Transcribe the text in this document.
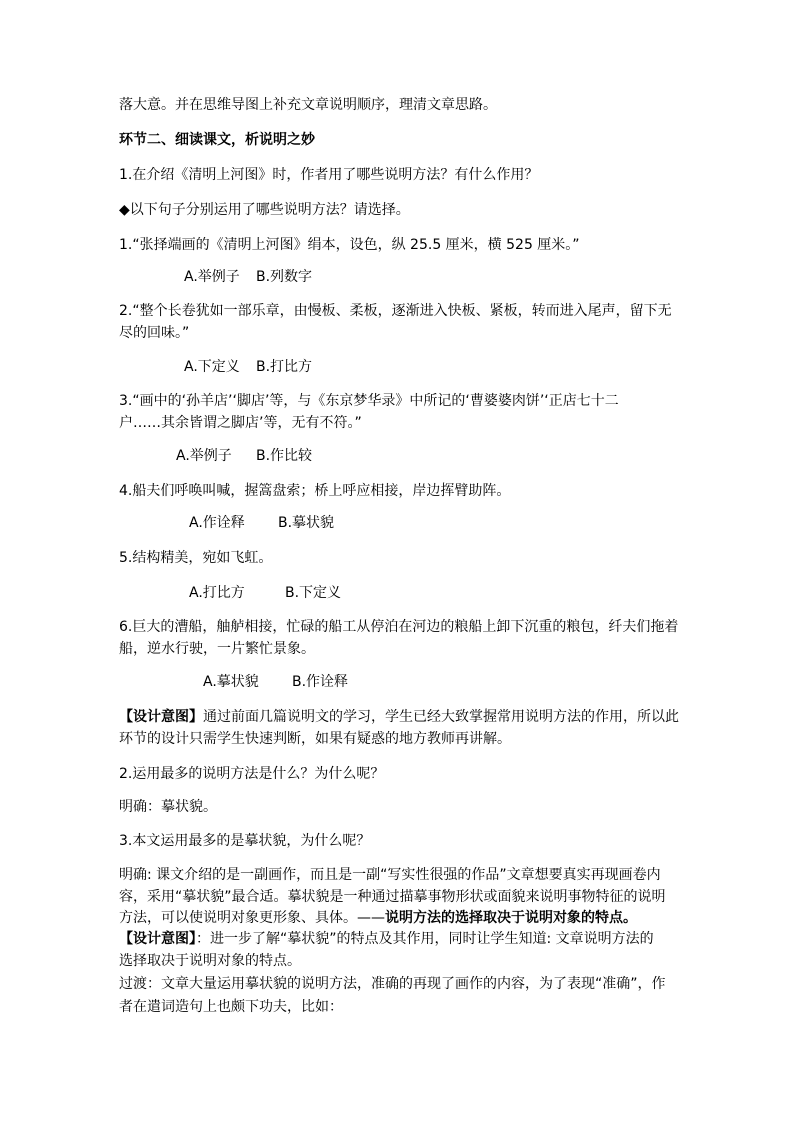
落大意。并在思维导图上补充文章说明顺序，理清文章思路。
环节二、细读课文，析说明之妙
1.在介绍《清明上河图》时，作者用了哪些说明方法？有什么作用？
◆以下句子分别运用了哪些说明方法？请选择。
1.“张择端画的《清明上河图》绢本，设色，纵 25.5 厘米，横 525 厘米。”
A.举例子 B.列数字
2.“整个长卷犹如一部乐章，由慢板、柔板，逐渐进入快板、紧板，转而进入尾声，留下无
尽的回味。”
A.下定义 B.打比方
3.“画中的‘孙羊店’‘脚店’等，与《东京梦华录》中所记的‘曹婆婆肉饼’‘正店七十二
户……其余皆谓之脚店’等，无有不符。”
A.举例子 B.作比较
4.船夫们呼唤叫喊，握篙盘索；桥上呼应相接，岸边挥臂助阵。
A.作诠释 B.摹状貌
5.结构精美，宛如飞虹。
A.打比方	B.下定义
6.巨大的漕船，舳舻相接，忙碌的船工从停泊在河边的粮船上卸下沉重的粮包，纤夫们拖着
船，逆水行驶，一片繁忙景象。
A.摹状貌 B.作诠释
【设计意图】通过前面几篇说明文的学习，学生已经大致掌握常用说明方法的作用，所以此
环节的设计只需学生快速判断，如果有疑惑的地方教师再讲解。
2.运用最多的说明方法是什么？为什么呢？
明确：摹状貌。
3.本文运用最多的是摹状貌，为什么呢？
明确: 课文介绍的是一副画作，而且是一副“写实性很强的作品”文章想要真实再现画卷内
容，采用“摹状貌”最合适。摹状貌是一种通过描摹事物形状或面貌来说明事物特征的说明
方法，可以使说明对象更形象、具体。——说明方法的选择取决于说明对象的特点。
【设计意图】：进一步了解“摹状貌”的特点及其作用，同时让学生知道: 文章说明方法的
选择取决于说明对象的特点。
过渡：文章大量运用摹状貌的说明方法，准确的再现了画作的内容，为了表现“准确”，作
者在遣词造句上也颇下功夫，比如：
